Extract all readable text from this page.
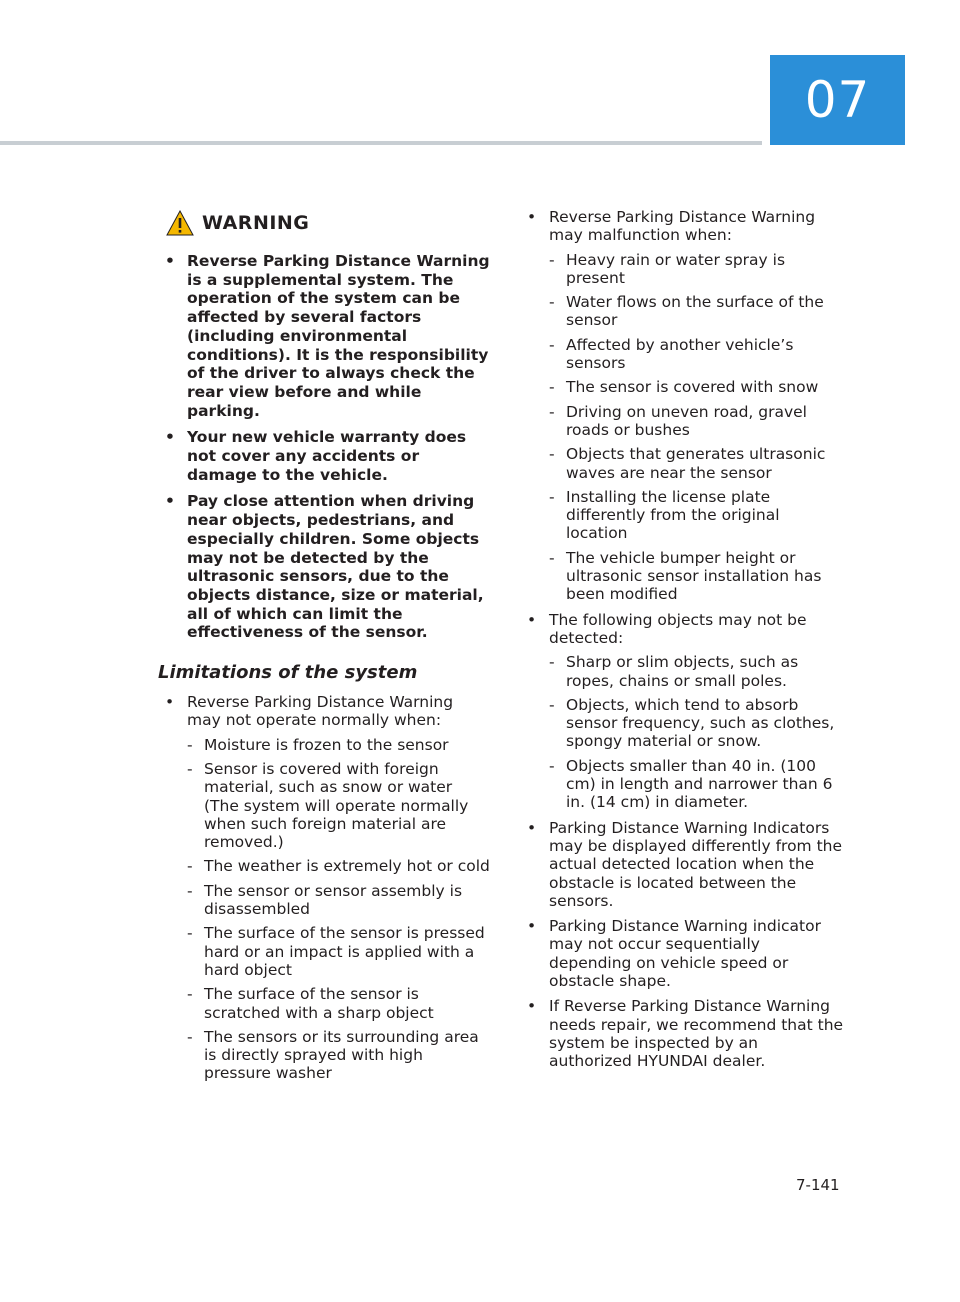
07
WARNING
• Reverse Parking Distance Warning is a supplemental system. The operation of the system can be affected by several factors (including environmental conditions). It is the responsibility of the driver to always check the rear view before and while parking.
• Your new vehicle warranty does not cover any accidents or damage to the vehicle.
• Pay close attention when driving near objects, pedestrians, and especially children. Some objects may not be detected by the ultrasonic sensors, due to the objects distance, size or material, all of which can limit the effectiveness of the sensor.
Limitations of the system
• Reverse Parking Distance Warning may not operate normally when:
- Moisture is frozen to the sensor
- Sensor is covered with foreign material, such as snow or water (The system will operate normally when such foreign material are removed.)
- The weather is extremely hot or cold
- The sensor or sensor assembly is disassembled
- The surface of the sensor is pressed hard or an impact is applied with a hard object
- The surface of the sensor is scratched with a sharp object
- The sensors or its surrounding area is directly sprayed with high pressure washer
• Reverse Parking Distance Warning may malfunction when:
- Heavy rain or water spray is present
- Water flows on the surface of the sensor
- Affected by another vehicle’s sensors
- The sensor is covered with snow
- Driving on uneven road, gravel roads or bushes
- Objects that generates ultrasonic waves are near the sensor
- Installing the license plate differently from the original location
- The vehicle bumper height or ultrasonic sensor installation has been modified
• The following objects may not be detected:
- Sharp or slim objects, such as ropes, chains or small poles.
- Objects, which tend to absorb sensor frequency, such as clothes, spongy material or snow.
- Objects smaller than 40 in. (100 cm) in length and narrower than 6 in. (14 cm) in diameter.
• Parking Distance Warning Indicators may be displayed differently from the actual detected location when the obstacle is located between the sensors.
• Parking Distance Warning indicator may not occur sequentially depending on vehicle speed or obstacle shape.
• If Reverse Parking Distance Warning needs repair, we recommend that the system be inspected by an authorized HYUNDAI dealer.
7-141
